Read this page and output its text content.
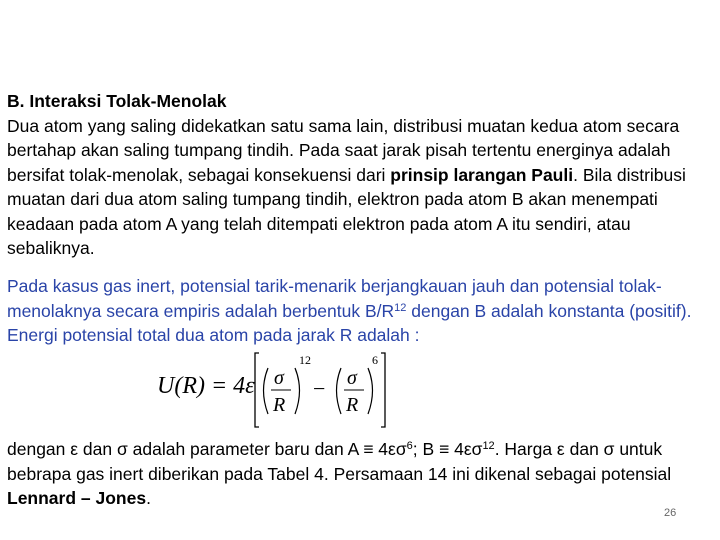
B. Interaksi Tolak-Menolak
Dua atom yang saling didekatkan satu sama lain, distribusi muatan kedua atom secara bertahap akan saling tumpang tindih. Pada saat jarak pisah tertentu energinya adalah bersifat tolak-menolak, sebagai konsekuensi dari prinsip larangan Pauli. Bila distribusi muatan dari dua atom saling tumpang tindih, elektron pada atom B akan menempati keadaan pada atom A yang telah ditempati elektron pada atom A itu sendiri, atau sebaliknya.
Pada kasus gas inert, potensial tarik-menarik berjangkauan jauh dan potensial tolak-menolaknya secara empiris adalah berbentuk $B/R^{12}$ dengan B adalah konstanta (positif). Energi potensial total dua atom pada jarak R adalah :
U(R) = 4ε σ
R
12
− σ
R
6
dengan ε dan σ adalah parameter baru dan $A \equiv 4\varepsilon\sigma^6$; $B \equiv 4\varepsilon\sigma^{12}$. Harga ε dan σ untuk bebrapa gas inert diberikan pada Tabel 4. Persamaan 14 ini dikenal sebagai potensial Lennard – Jones.
26
